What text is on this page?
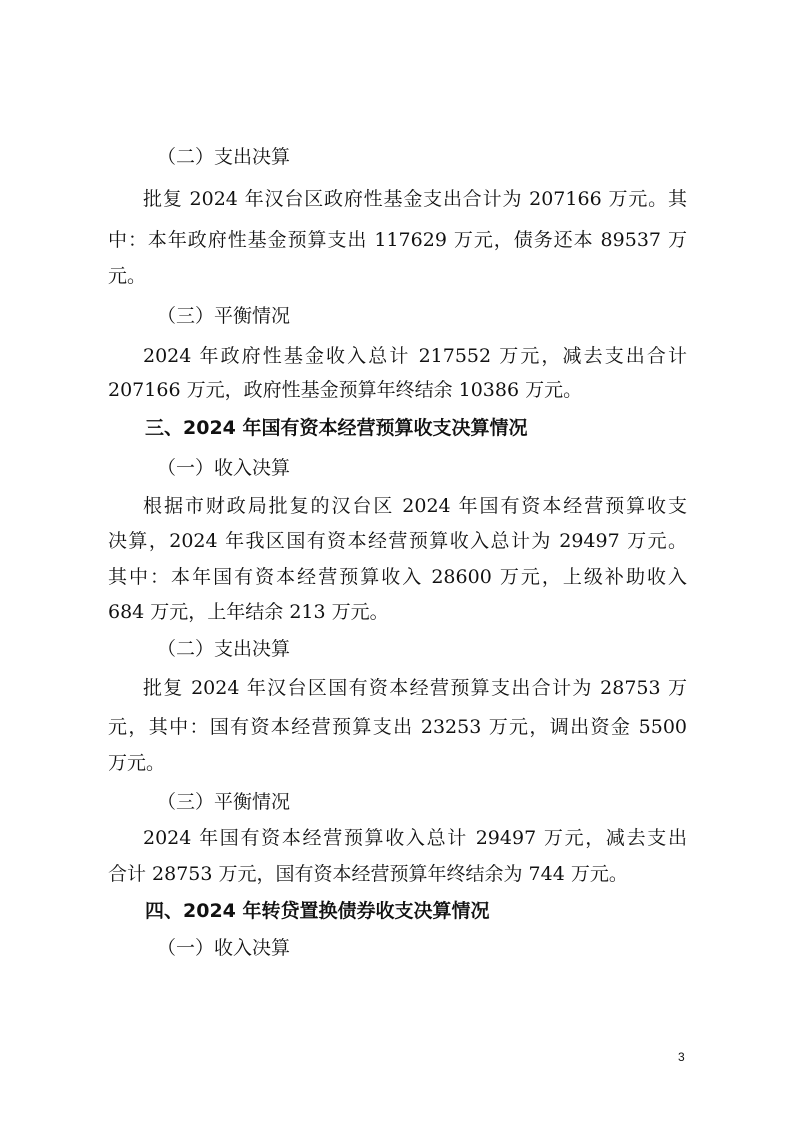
（二）支出决算
批复 2024 年汉台区政府性基金支出合计为 207166 万元。其
中：本年政府性基金预算支出 117629 万元，债务还本 89537 万
元。
（三）平衡情况
2024 年政府性基金收入总计 217552 万元，减去支出合计
207166 万元，政府性基金预算年终结余 10386 万元。
三、2024 年国有资本经营预算收支决算情况
（一）收入决算
根据市财政局批复的汉台区 2024 年国有资本经营预算收支
决算，2024 年我区国有资本经营预算收入总计为 29497 万元。
其中：本年国有资本经营预算收入 28600 万元，上级补助收入
684 万元，上年结余 213 万元。
（二）支出决算
批复 2024 年汉台区国有资本经营预算支出合计为 28753 万
元，其中：国有资本经营预算支出 23253 万元，调出资金 5500
万元。
（三）平衡情况
2024 年国有资本经营预算收入总计 29497 万元，减去支出
合计 28753 万元，国有资本经营预算年终结余为 744 万元。
四、2024 年转贷置换债券收支决算情况
（一）收入决算
3
